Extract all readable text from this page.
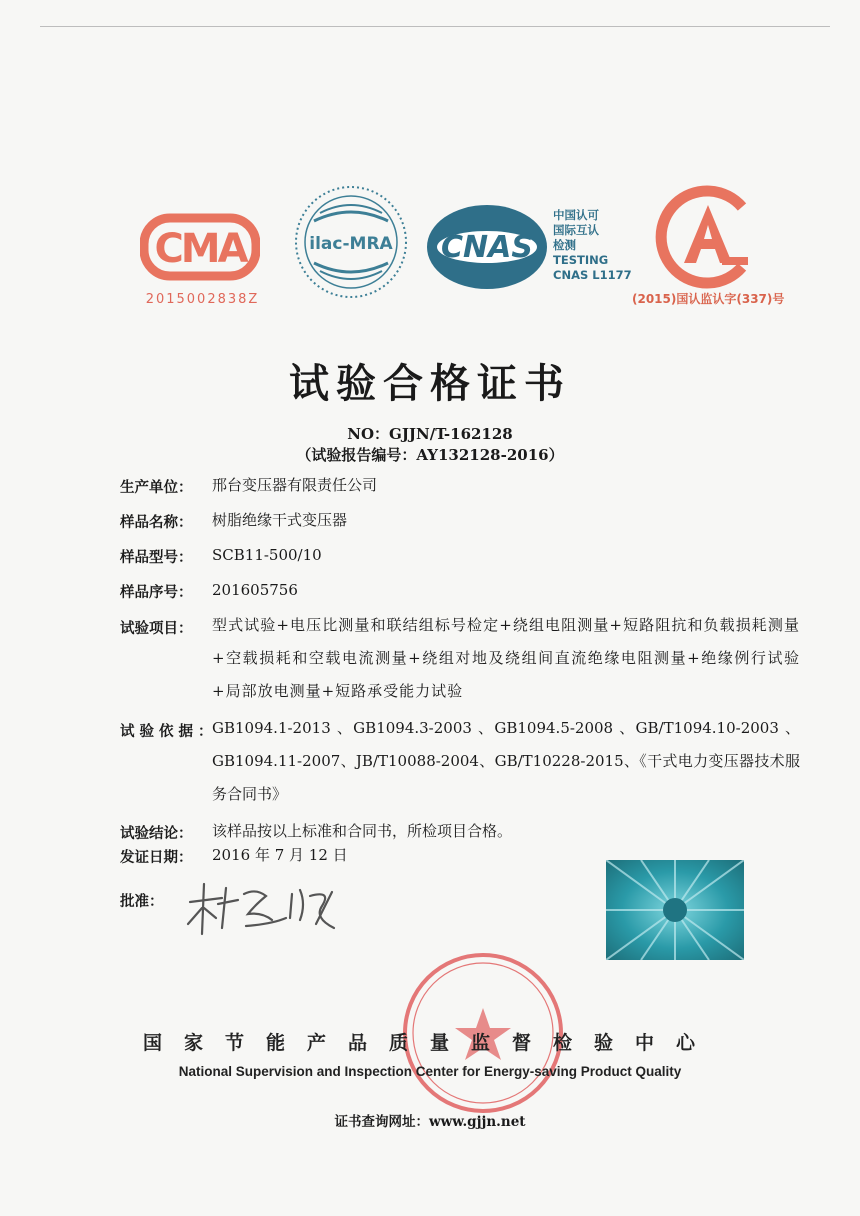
CMA
2015002838Z
ilac-MRA CNAS
中国认可
国际互认
检测
TESTING
CNAS L1177
(2015)国认监认字(337)号
试验合格证书
NO：GJJN/T-162128
（试验报告编号：AY132128-2016）
生产单位： 邢台变压器有限责任公司
样品名称： 树脂绝缘干式变压器
样品型号： SCB11-500/10
样品序号： 201605756
试验项目： 型式试验+电压比测量和联结组标号检定+绕组电阻测量+短路阻抗和负载损耗测量+空载损耗和空载电流测量+绕组对地及绕组间直流绝缘电阻测量+绝缘例行试验+局部放电测量+短路承受能力试验
试验依据：
GB1094.1-2013 、GB1094.3-2003 、GB1094.5-2008 、GB/T1094.10-2003 、GB1094.11-2007、JB/T10088-2004、GB/T10228-2015、《干式电力变压器技术服务合同书》
试验结论： 该样品按以上标准和合同书，所检项目合格。
发证日期： 2016 年 7 月 12 日
批准：
国家节能产品质量监督检验中心
National Supervision and Inspection Center for Energy-saving Product Quality
证书查询网址：www.gjjn.net
